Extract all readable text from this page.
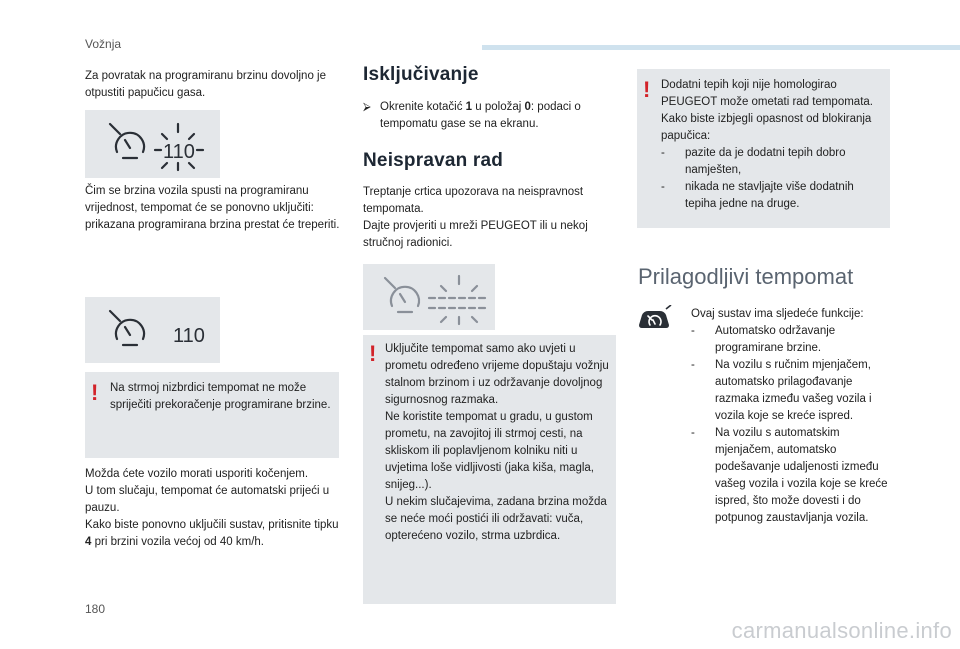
Vožnja
Za povratak na programiranu brzinu dovoljno je otpustiti papučicu gasa.
110
Čim se brzina vozila spusti na programiranu vrijednost, tempomat će se ponovno uključiti: prikazana programirana brzina prestat će treperiti.
110
! Na strmoj nizbrdici tempomat ne može spriječiti prekoračenje programirane brzine.
Možda ćete vozilo morati usporiti kočenjem.
U tom slučaju, tempomat će automatski prijeći u pauzu.
Kako biste ponovno uključili sustav, pritisnite tipku 4 pri brzini vozila većoj od 40 km/h.
Isključivanje
⮚ Okrenite kotačić 1 u položaj 0: podaci o tempomatu gase se na ekranu.
Neispravan rad
Treptanje crtica upozorava na neispravnost tempomata.
Dajte provjeriti u mreži PEUGEOT ili u nekoj stručnoj radionici.
! Uključite tempomat samo ako uvjeti u prometu određeno vrijeme dopuštaju vožnju stalnom brzinom i uz održavanje dovoljnog sigurnosnog razmaka.
Ne koristite tempomat u gradu, u gustom prometu, na zavojitoj ili strmoj cesti, na skliskom ili poplavljenom kolniku niti u uvjetima loše vidljivosti (jaka kiša, magla, snijeg...).
U nekim slučajevima, zadana brzina možda se neće moći postići ili održavati: vuča, opterećeno vozilo, strma uzbrdica.
! Dodatni tepih koji nije homologirao PEUGEOT može ometati rad tempomata. Kako biste izbjegli opasnost od blokiranja papučica:
- pazite da je dodatni tepih dobro namješten,
- nikada ne stavljajte više dodatnih tepiha jedne na druge.
Prilagodljivi tempomat
Ovaj sustav ima sljedeće funkcije:
- Automatsko održavanje programirane brzine.
- Na vozilu s ručnim mjenjačem, automatsko prilagođavanje razmaka između vašeg vozila i vozila koje se kreće ispred.
- Na vozilu s automatskim mjenjačem, automatsko podešavanje udaljenosti između vašeg vozila i vozila koje se kreće ispred, što može dovesti i do potpunog zaustavljanja vozila.
180
carmanualsonline.info
